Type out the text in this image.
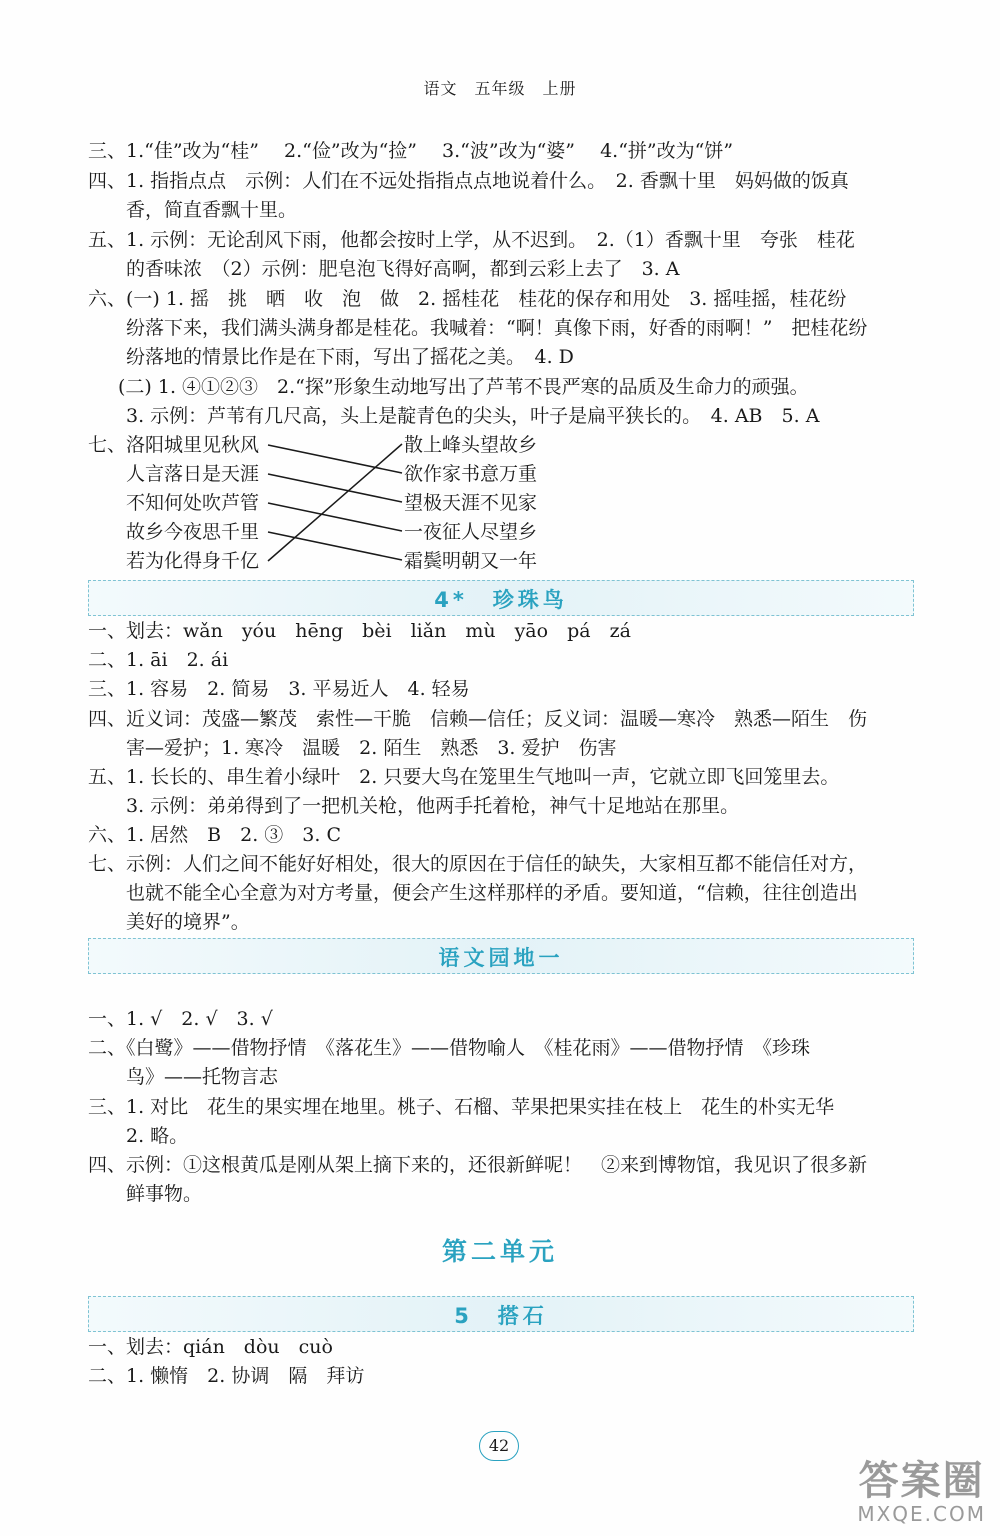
语文　五年级　上册
三、1.“佳”改为“桂”　 2.“俭”改为“捡”　 3.“波”改为“婆”　 4.“拼”改为“饼”
四、1. 指指点点　示例：人们在不远处指指点点地说着什么。　2. 香飘十里　妈妈做的饭真
香，简直香飘十里。
五、1. 示例：无论刮风下雨，他都会按时上学，从不迟到。　2.（1）香飘十里　夸张　桂花
的香味浓　（2）示例：肥皂泡飞得好高啊，都到云彩上去了　3. A
六、(一) 1. 摇　挑　晒　收　泡　做　2. 摇桂花　桂花的保存和用处　3. 摇哇摇，桂花纷
纷落下来，我们满头满身都是桂花。我喊着：“啊！真像下雨，好香的雨啊！”　把桂花纷
纷落地的情景比作是在下雨，写出了摇花之美。　4. D
(二) 1. ④①②③　2.“探”形象生动地写出了芦苇不畏严寒的品质及生命力的顽强。
3. 示例：芦苇有几尺高，头上是靛青色的尖头，叶子是扁平狭长的。　4. AB　5. A
七、 洛阳城里见秋风
人言落日是天涯
不知何处吹芦管
故乡今夜思千里
若为化得身千亿
散上峰头望故乡
欲作家书意万重
望极天涯不见家
一夜征人尽望乡
霜鬓明朝又一年
4*　珍珠鸟
一、划去：wǎn　yóu　hēng　bèi　liǎn　mù　yāo　pá　zá
二、1. āi　2. ái
三、1. 容易　2. 简易　3. 平易近人　4. 轻易
四、近义词：茂盛—繁茂　索性—干脆　信赖—信任；反义词：温暖—寒冷　熟悉—陌生　伤
害—爱护；1. 寒冷　温暖　2. 陌生　熟悉　3. 爱护　伤害
五、1. 长长的、串生着小绿叶　2. 只要大鸟在笼里生气地叫一声，它就立即飞回笼里去。
3. 示例：弟弟得到了一把机关枪，他两手托着枪，神气十足地站在那里。
六、1. 居然　B　2. ③　3. C
七、示例：人们之间不能好好相处，很大的原因在于信任的缺失，大家相互都不能信任对方，
也就不能全心全意为对方考量，便会产生这样那样的矛盾。要知道，“信赖，往往创造出
美好的境界”。
语文园地一
一、1. √　2. √　3. √
二、《白鹭》——借物抒情　《落花生》——借物喻人　《桂花雨》——借物抒情　《珍珠
鸟》——托物言志
三、1. 对比　花生的果实埋在地里。桃子、石榴、苹果把果实挂在枝上　花生的朴实无华
2. 略。
四、示例：①这根黄瓜是刚从架上摘下来的，还很新鲜呢！　②来到博物馆，我见识了很多新
鲜事物。
第二单元
5　搭石
一、划去：qián　dòu　cuò
二、1. 懒惰　2. 协调　隔　拜访
42
答案圈
MXQE.COM
